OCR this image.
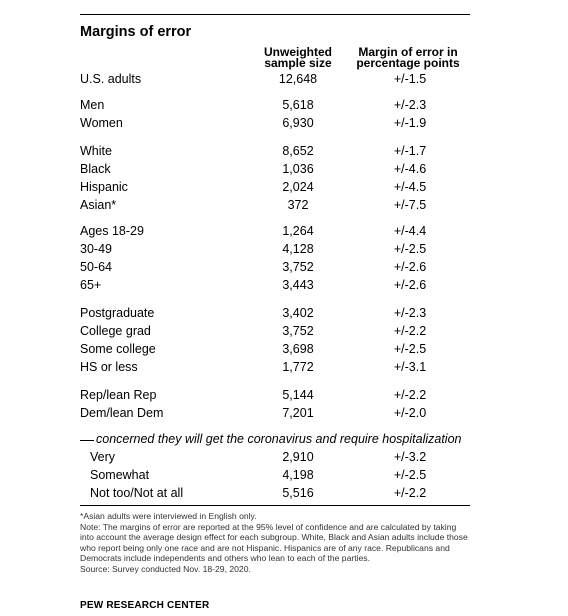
Margins of error
Unweighted
sample size
Margin of error in
percentage points
U.S. adults	12,648	+/-1.5
Men	5,618	+/-2.3
Women	6,930	+/-1.9
White	8,652	+/-1.7
Black	1,036	+/-4.6
Hispanic	2,024	+/-4.5
Asian*	372	+/-7.5
Ages 18-29	1,264	+/-4.4
30-49	4,128	+/-2.5
50-64	3,752	+/-2.6
65+	3,443	+/-2.6
Postgraduate	3,402	+/-2.3
College grad	3,752	+/-2.2
Some college	3,698	+/-2.5
HS or less	1,772	+/-3.1
Rep/lean Rep	5,144	+/-2.2
Dem/lean Dem	7,201	+/-2.0
concerned they will get the coronavirus and require hospitalization
Very	2,910	+/-3.2
Somewhat	4,198	+/-2.5
Not too/Not at all	5,516	+/-2.2

*Asian adults were interviewed in English only.

Note: The margins of error are reported at the 95% level of confidence and are calculated by taking into account the average design effect for each subgroup. White, Black and Asian adults include those who report being only one race and are not Hispanic. Hispanics are of any race. Republicans and Democrats include independents and others who lean to each of the parties.

Source: Survey conducted Nov. 18-29, 2020.

PEW RESEARCH CENTER
